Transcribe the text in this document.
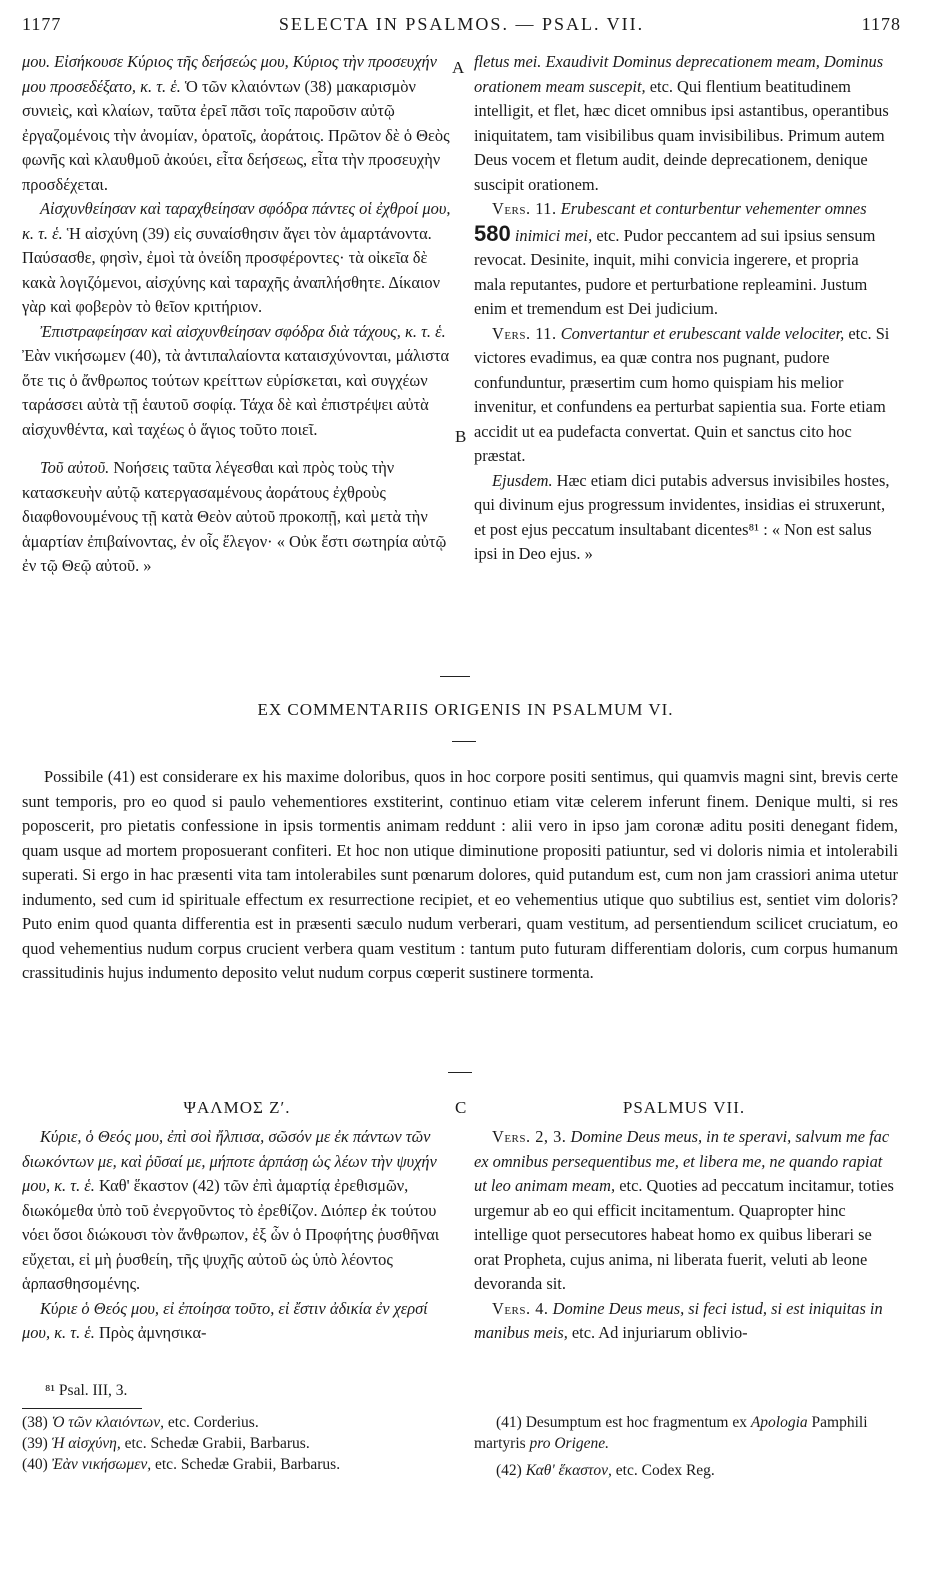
1177	SELECTA IN PSALMOS. — PSAL. VII.	1178

μου. Εἰσήκουσε Κύριος τῆς δεήσεώς μου, Κύριος τὴν προσευχήν μου προσεδέξατο, κ. τ. ἑ. Ὁ τῶν κλαιόντων (38) μακαρισμὸν συνιεὶς, καὶ κλαίων, ταῦτα ἐρεῖ πᾶσι τοῖς παροῦσιν αὐτῷ ἐργαζομένοις τὴν ἀνομίαν, ὁρατοῖς, ἀοράτοις. Πρῶτον δὲ ὁ Θεὸς φωνῆς καὶ κλαυθμοῦ ἀκούει, εἶτα δεήσεως, εἶτα τὴν προσευχὴν προσδέχεται.

Αἰσχυνθείησαν καὶ ταραχθείησαν σφόδρα πάντες οἱ ἐχθροί μου, κ. τ. ἑ. Ἡ αἰσχύνη (39) εἰς συναίσθησιν ἄγει τὸν ἁμαρτάνοντα. Παύσασθε, φησὶν, ἐμοὶ τὰ ὀνείδη προσφέροντες· τὰ οἰκεῖα δὲ κακὰ λογιζόμενοι, αἰσχύνης καὶ ταραχῆς ἀναπλήσθητε. Δίκαιον γὰρ καὶ φοβερὸν τὸ θεῖον κριτήριον.

Ἐπιστραφείησαν καὶ αἰσχυνθείησαν σφόδρα διὰ τάχους, κ. τ. ἑ. Ἐὰν νικήσωμεν (40), τὰ ἀντιπαλαίοντα καταισχύνονται, μάλιστα ὅτε τις ὁ ἄνθρωπος τούτων κρείττων εὑρίσκεται, καὶ συγχέων ταράσσει αὐτὰ τῇ ἑαυτοῦ σοφίᾳ. Τάχα δὲ καὶ ἐπιστρέψει αὐτὰ αἰσχυνθέντα, καὶ ταχέως ὁ ἅγιος τοῦτο ποιεῖ.

Τοῦ αὐτοῦ. Νοήσεις ταῦτα λέγεσθαι καὶ πρὸς τοὺς τὴν κατασκευὴν αὐτῷ κατεργασαμένους ἀοράτους ἐχθροὺς διαφθονουμένους τῇ κατὰ Θεὸν αὐτοῦ προκοπῇ, καὶ μετὰ τὴν ἁμαρτίαν ἐπιβαίνοντας, ἐν οἷς ἔλεγον· « Οὐκ ἔστι σωτηρία αὐτῷ ἐν τῷ Θεῷ αὐτοῦ. »

fletus mei. Exaudivit Dominus deprecationem meam, Dominus orationem meam suscepit, etc. Qui flentium beatitudinem intelligit, et flet, hæc dicet omnibus ipsi astantibus, operantibus iniquitatem, tam visibilibus quam invisibilibus. Primum autem Deus vocem et fletum audit, deinde deprecationem, denique suscipit orationem.

Vers. 11. Erubescant et conturbentur vehementer omnes 580 inimici mei, etc. Pudor peccantem ad sui ipsius sensum revocat. Desinite, inquit, mihi convicia ingerere, et propria mala reputantes, pudore et perturbatione repleamini. Justum enim et tremendum est Dei judicium.

Vers. 11. Convertantur et erubescant valde velociter, etc. Si victores evadimus, ea quæ contra nos pugnant, pudore confunduntur, præsertim cum homo quispiam his melior invenitur, et confundens ea perturbat sapientia sua. Forte etiam accidit ut ea pudefacta convertat. Quin et sanctus cito hoc præstat.

Ejusdem. Hæc etiam dici putabis adversus invisibiles hostes, qui divinum ejus progressum invidentes, insidias ei struxerunt, et post ejus peccatum insultabant dicentes⁸¹ : « Non est salus ipsi in Deo ejus. »

A
B
EX COMMENTARIIS ORIGENIS IN PSALMUM VI.

Possibile (41) est considerare ex his maxime doloribus, quos in hoc corpore positi sentimus, qui quamvis magni sint, brevis certe sunt temporis, pro eo quod si paulo vehementiores exstiterint, continuo etiam vitæ celerem inferunt finem. Denique multi, si res poposcerit, pro pietatis confessione in ipsis tormentis animam reddunt : alii vero in ipso jam coronæ aditu positi denegant fidem, quam usque ad mortem proposuerant confiteri. Et hoc non utique diminutione propositi patiuntur, sed vi doloris nimia et intolerabili superati. Si ergo in hac præsenti vita tam intolerabiles sunt pœnarum dolores, quid putandum est, cum non jam crassiori anima utetur indumento, sed cum id spirituale effectum ex resurrectione recipiet, et eo vehementius utique quo subtilius est, sentiet vim doloris? Puto enim quod quanta differentia est in præsenti sæculo nudum verberari, quam vestitum, ad persentiendum scilicet cruciatum, eo quod vehementius nudum corpus crucient verbera quam vestitum : tantum puto futuram differentiam doloris, cum corpus humanum crassitudinis hujus indumento deposito velut nudum corpus cœperit sustinere tormenta.

ΨΑΛΜΟΣ Ζʹ.	C	PSALMUS VII.

Κύριε, ὁ Θεός μου, ἐπὶ σοὶ ἤλπισα, σῶσόν με ἐκ πάντων τῶν διωκόντων με, καὶ ῥῦσαί με, μήποτε ἁρπάσῃ ὡς λέων τὴν ψυχήν μου, κ. τ. ἑ. Καθ' ἕκαστον (42) τῶν ἐπὶ ἁμαρτίᾳ ἐρεθισμῶν, διωκόμεθα ὑπὸ τοῦ ἐνεργοῦντος τὸ ἐρεθίζον. Διόπερ ἐκ τούτου νόει ὅσοι διώκουσι τὸν ἄνθρωπον, ἐξ ὧν ὁ Προφήτης ῥυσθῆναι εὔχεται, εἰ μὴ ῥυσθείη, τῆς ψυχῆς αὐτοῦ ὡς ὑπὸ λέοντος ἁρπασθησομένης.

Κύριε ὁ Θεός μου, εἰ ἐποίησα τοῦτο, εἰ ἔστιν ἀδικία ἐν χερσί μου, κ. τ. ἑ. Πρὸς ἀμνησικα-

Vers. 2, 3. Domine Deus meus, in te speravi, salvum me fac ex omnibus persequentibus me, et libera me, ne quando rapiat ut leo animam meam, etc. Quoties ad peccatum incitamur, toties urgemur ab eo qui efficit incitamentum. Quapropter hinc intellige quot persecutores habeat homo ex quibus liberari se orat Propheta, cujus anima, ni liberata fuerit, veluti ab leone devoranda sit.

Vers. 4. Domine Deus meus, si feci istud, si est iniquitas in manibus meis, etc. Ad injuriarum oblivio-

⁸¹ Psal. III, 3.
(38) Ὁ τῶν κλαιόντων, etc. Corderius.
(39) Ἡ αἰσχύνη, etc. Schedæ Grabii, Barbarus.
(40) Ἐὰν νικήσωμεν, etc. Schedæ Grabii, Barbarus.
(41) Desumptum est hoc fragmentum ex Apologia Pamphili martyris pro Origene.
(42) Καθ' ἕκαστον, etc. Codex Reg.
